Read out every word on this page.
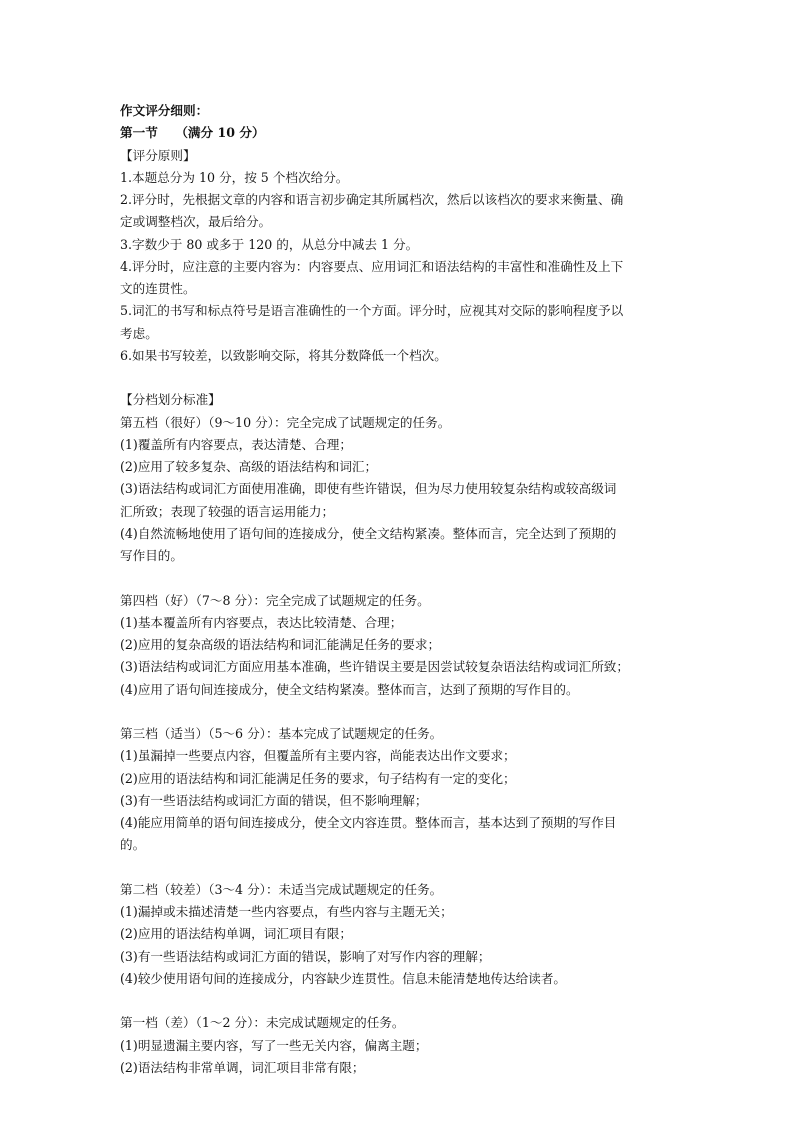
作文评分细则：
第一节    （满分 10 分）
【评分原则】
1.本题总分为 10 分，按 5 个档次给分。
2.评分时，先根据文章的内容和语言初步确定其所属档次，然后以该档次的要求来衡量、确
定或调整档次，最后给分。
3.字数少于 80 或多于 120 的，从总分中减去 1 分。
4.评分时，应注意的主要内容为：内容要点、应用词汇和语法结构的丰富性和准确性及上下
文的连贯性。
5.词汇的书写和标点符号是语言准确性的一个方面。评分时，应视其对交际的影响程度予以
考虑。
6.如果书写较差，以致影响交际，将其分数降低一个档次。
【分档划分标准】
第五档（很好）（9～10 分）：完全完成了试题规定的任务。
(1)覆盖所有内容要点，表达清楚、合理；
(2)应用了较多复杂、高级的语法结构和词汇；
(3)语法结构或词汇方面使用准确，即使有些许错误，但为尽力使用较复杂结构或较高级词
汇所致；表现了较强的语言运用能力；
(4)自然流畅地使用了语句间的连接成分，使全文结构紧凑。整体而言，完全达到了预期的
写作目的。
第四档（好）（7～8 分）：完全完成了试题规定的任务。
(1)基本覆盖所有内容要点，表达比较清楚、合理；
(2)应用的复杂高级的语法结构和词汇能满足任务的要求；
(3)语法结构或词汇方面应用基本准确，些许错误主要是因尝试较复杂语法结构或词汇所致；
(4)应用了语句间连接成分，使全文结构紧凑。整体而言，达到了预期的写作目的。
第三档（适当）（5～6 分）：基本完成了试题规定的任务。
(1)虽漏掉一些要点内容，但覆盖所有主要内容，尚能表达出作文要求；
(2)应用的语法结构和词汇能满足任务的要求，句子结构有一定的变化；
(3)有一些语法结构或词汇方面的错误，但不影响理解；
(4)能应用简单的语句间连接成分，使全文内容连贯。整体而言，基本达到了预期的写作目
的。
第二档（较差）（3～4 分）：未适当完成试题规定的任务。
(1)漏掉或未描述清楚一些内容要点，有些内容与主题无关；
(2)应用的语法结构单调，词汇项目有限；
(3)有一些语法结构或词汇方面的错误，影响了对写作内容的理解；
(4)较少使用语句间的连接成分，内容缺少连贯性。信息未能清楚地传达给读者。
第一档（差）（1～2 分）：未完成试题规定的任务。
(1)明显遗漏主要内容，写了一些无关内容，偏离主题；
(2)语法结构非常单调，词汇项目非常有限；
